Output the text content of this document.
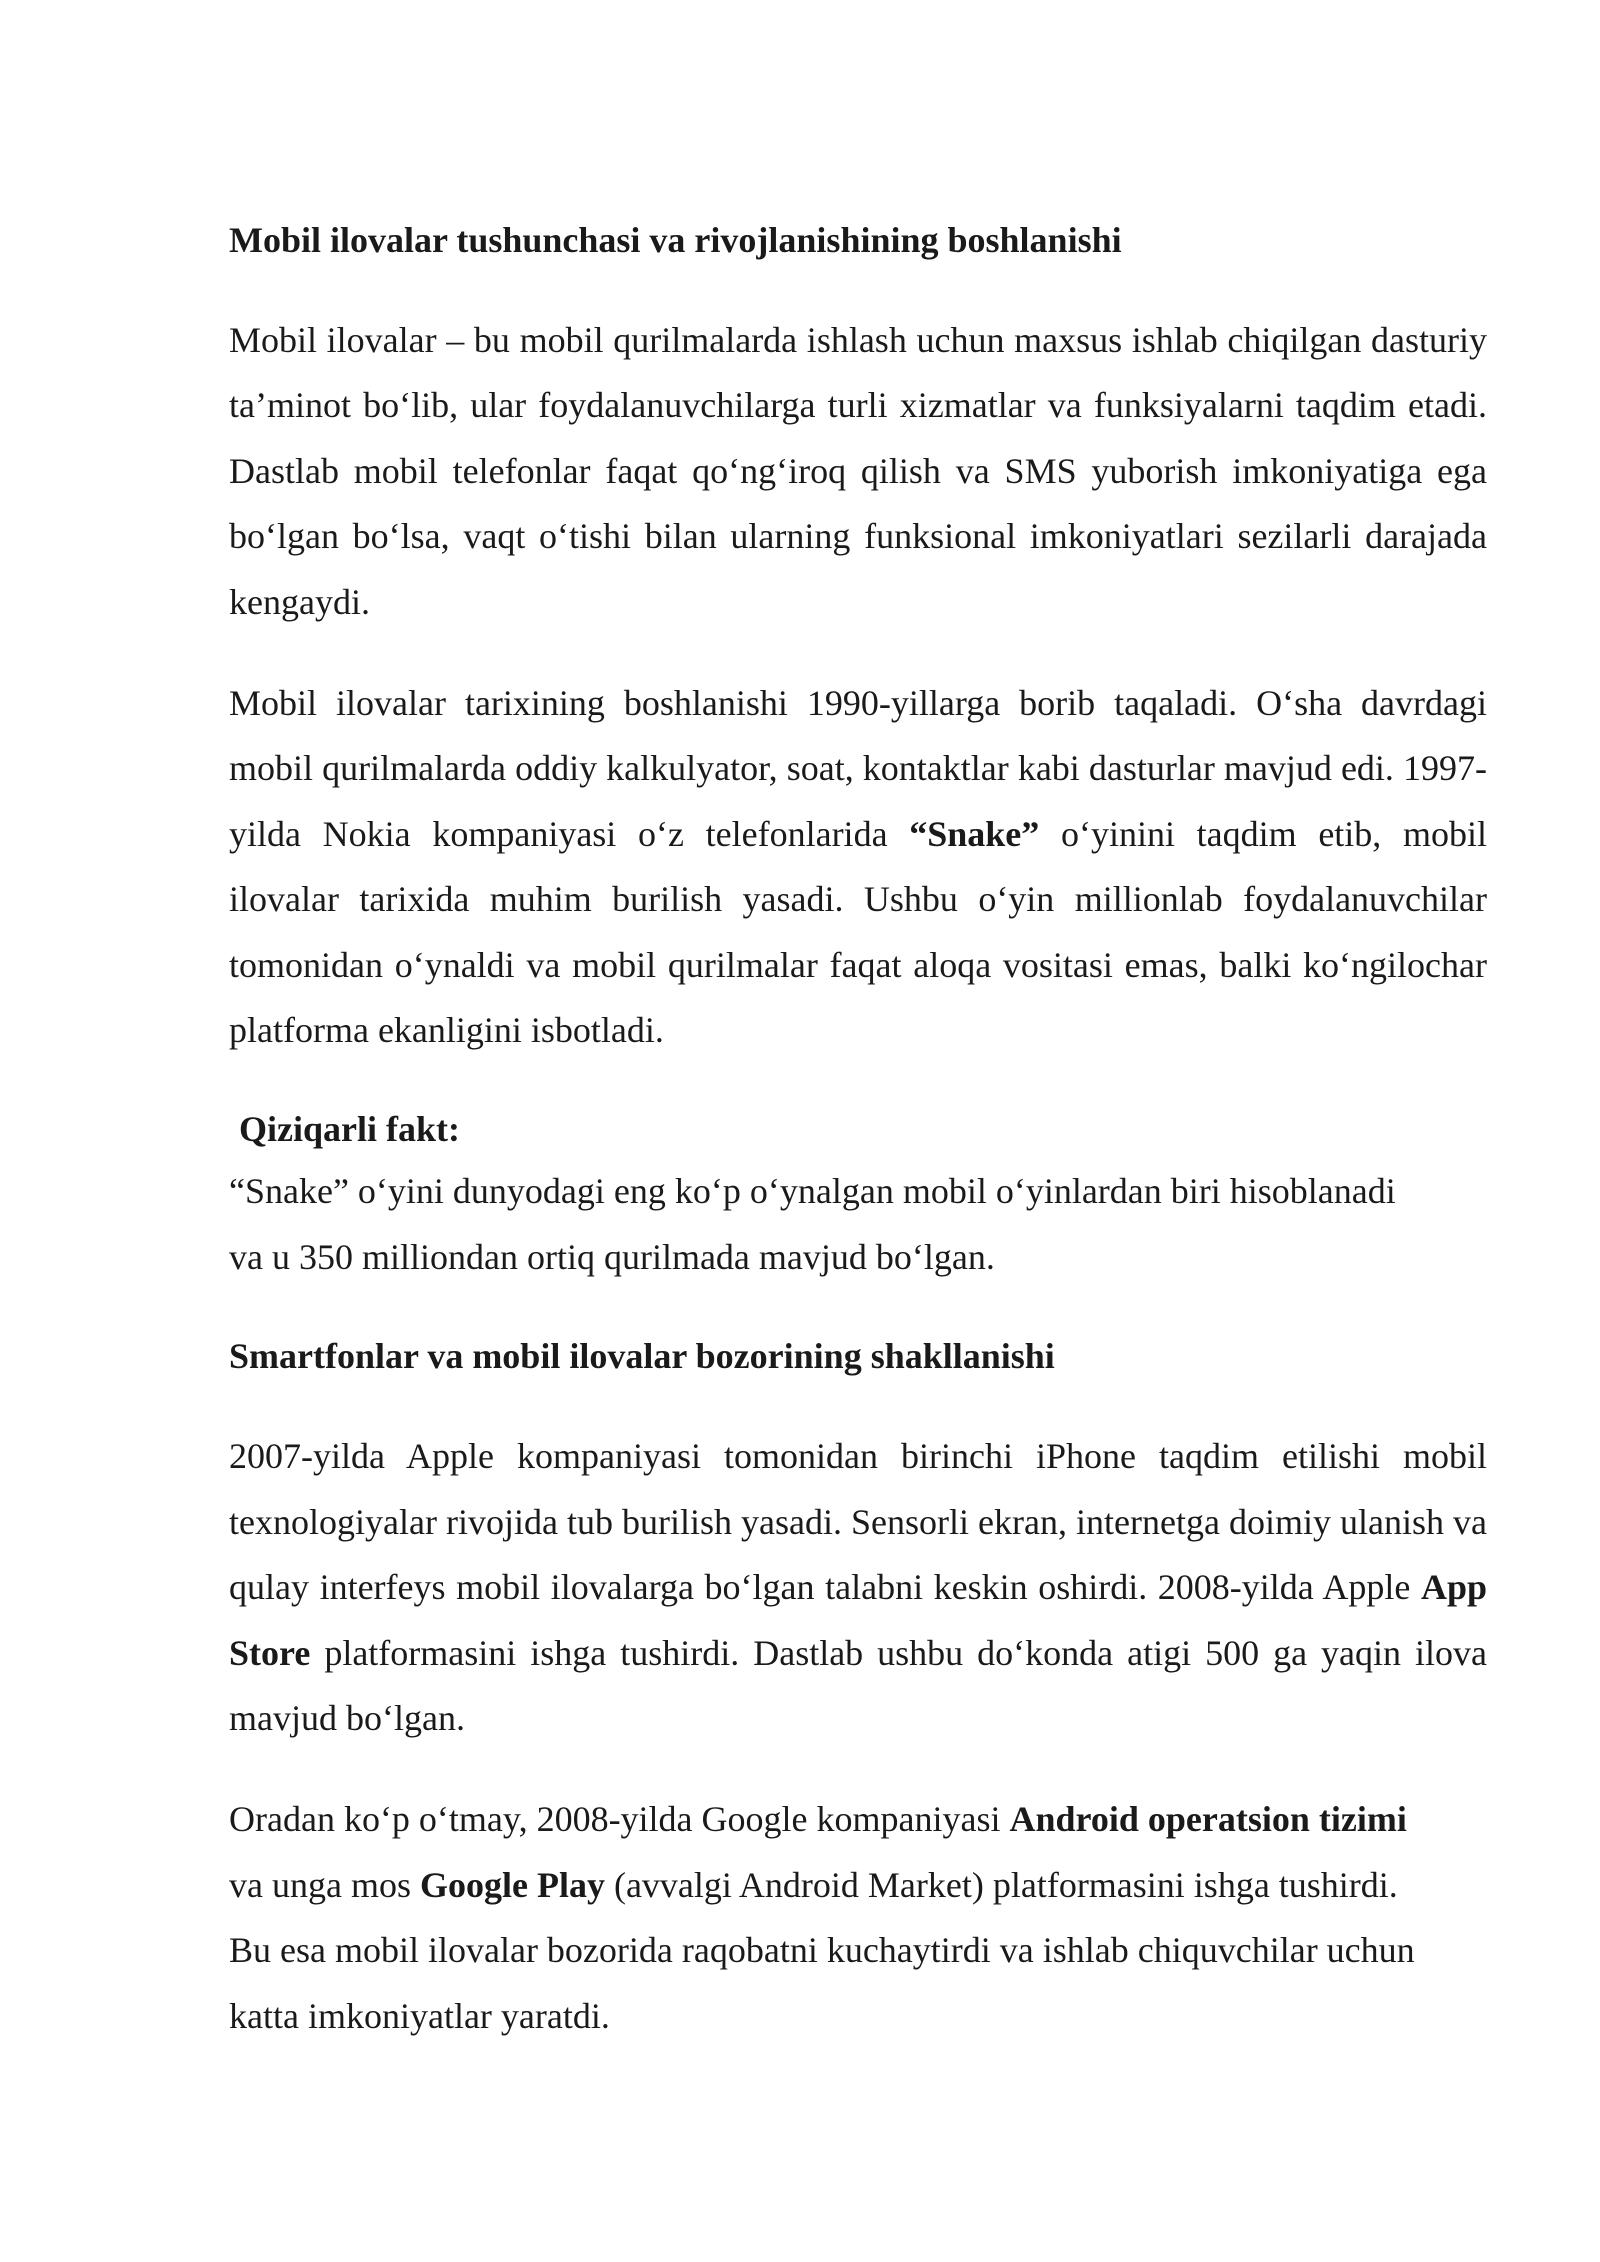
Mobil ilovalar tushunchasi va rivojlanishining boshlanishi

Mobil ilovalar – bu mobil qurilmalarda ishlash uchun maxsus ishlab chiqilgan dasturiy ta’minot bo‘lib, ular foydalanuvchilarga turli xizmatlar va funksiyalarni taqdim etadi. Dastlab mobil telefonlar faqat qo‘ng‘iroq qilish va SMS yuborish imkoniyatiga ega bo‘lgan bo‘lsa, vaqt o‘tishi bilan ularning funksional imkoniyatlari sezilarli darajada kengaydi.

Mobil ilovalar tarixining boshlanishi 1990-yillarga borib taqaladi. O‘sha davrdagi mobil qurilmalarda oddiy kalkulyator, soat, kontaktlar kabi dasturlar mavjud edi. 1997-yilda Nokia kompaniyasi o‘z telefonlarida “Snake” o‘yinini taqdim etib, mobil ilovalar tarixida muhim burilish yasadi. Ushbu o‘yin millionlab foydalanuvchilar tomonidan o‘ynaldi va mobil qurilmalar faqat aloqa vositasi emas, balki ko‘ngilochar platforma ekanligini isbotladi.

Qiziqarli fakt:

“Snake” o‘yini dunyodagi eng ko‘p o‘ynalgan mobil o‘yinlardan biri hisoblanadi

va u 350 milliondan ortiq qurilmada mavjud bo‘lgan.

Smartfonlar va mobil ilovalar bozorining shakllanishi

2007-yilda Apple kompaniyasi tomonidan birinchi iPhone taqdim etilishi mobil texnologiyalar rivojida tub burilish yasadi. Sensorli ekran, internetga doimiy ulanish va qulay interfeys mobil ilovalarga bo‘lgan talabni keskin oshirdi. 2008-yilda Apple App Store platformasini ishga tushirdi. Dastlab ushbu do‘konda atigi 500 ga yaqin ilova mavjud bo‘lgan.

Oradan ko‘p o‘tmay, 2008-yilda Google kompaniyasi Android operatsion tizimi

va unga mos Google Play (avvalgi Android Market) platformasini ishga tushirdi.

Bu esa mobil ilovalar bozorida raqobatni kuchaytirdi va ishlab chiquvchilar uchun

katta imkoniyatlar yaratdi.
